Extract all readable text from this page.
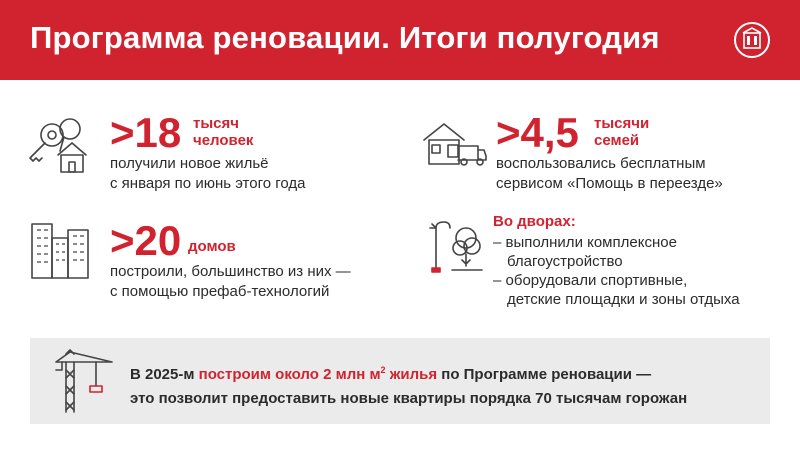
Программа реновации. Итоги полугодия
>18 тысяч
человек
получили новое жильё
с января по июнь этого года
>4,5 тысячи
семей
воспользовались бесплатным
сервисом «Помощь в переезде»
>20 домов
построили, большинство из них —
с помощью префаб-технологий
Во дворах:
– выполнили комплексное
благоустройство
– оборудовали спортивные,
детские площадки и зоны отдыха
В 2025-м построим около 2 млн $м^2$ жилья по Программе реновации —
это позволит предоставить новые квартиры порядка 70 тысячам горожан
